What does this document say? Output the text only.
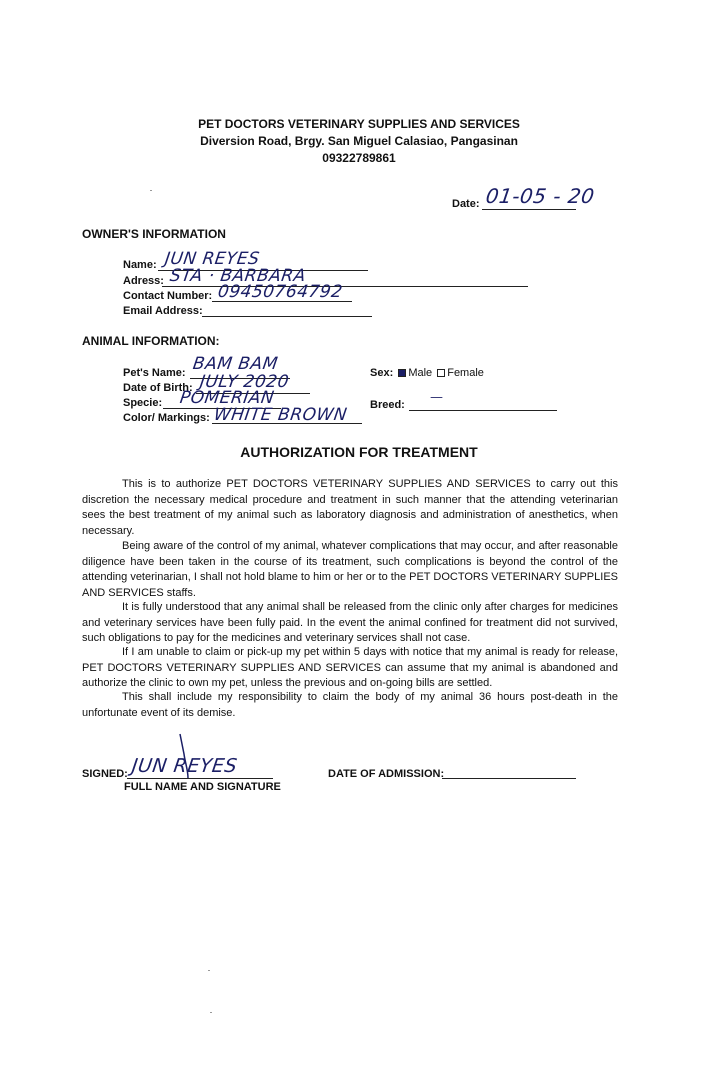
PET DOCTORS VETERINARY SUPPLIES AND SERVICES
Diversion Road, Brgy. San Miguel Calasiao, Pangasinan
09322789861
Date: 01-05 - 20
OWNER'S INFORMATION
Name: JUN REYES
Adress: STA · BARBARA
Contact Number: 09450764792
Email Address:
ANIMAL INFORMATION:
Pet's Name: BAM BAM
Date of Birth: JULY 2020
Specie: POMERIAN
Color/ Markings: WHITE BROWN
Sex: Male Female
Breed: —
AUTHORIZATION FOR TREATMENT
This is to authorize PET DOCTORS VETERINARY SUPPLIES AND SERVICES to carry out this discretion the necessary medical procedure and treatment in such manner that the attending veterinarian sees the best treatment of my animal such as laboratory diagnosis and administration of anesthetics, when necessary.
Being aware of the control of my animal, whatever complications that may occur, and after reasonable diligence have been taken in the course of its treatment, such complications is beyond the control of the attending veterinarian, I shall not hold blame to him or her or to the PET DOCTORS VETERINARY SUPPLIES AND SERVICES staffs.
It is fully understood that any animal shall be released from the clinic only after charges for medicines and veterinary services have been fully paid. In the event the animal confined for treatment did not survived, such obligations to pay for the medicines and veterinary services shall not case.
If I am unable to claim or pick-up my pet within 5 days with notice that my animal is ready for release, PET DOCTORS VETERINARY SUPPLIES AND SERVICES can assume that my animal is abandoned and authorize the clinic to own my pet, unless the previous and on-going bills are settled.
This shall include my responsibility to claim the body of my animal 36 hours post-death in the unfortunate event of its demise.
SIGNED: JUN REYES
FULL NAME AND SIGNATURE
DATE OF ADMISSION:
